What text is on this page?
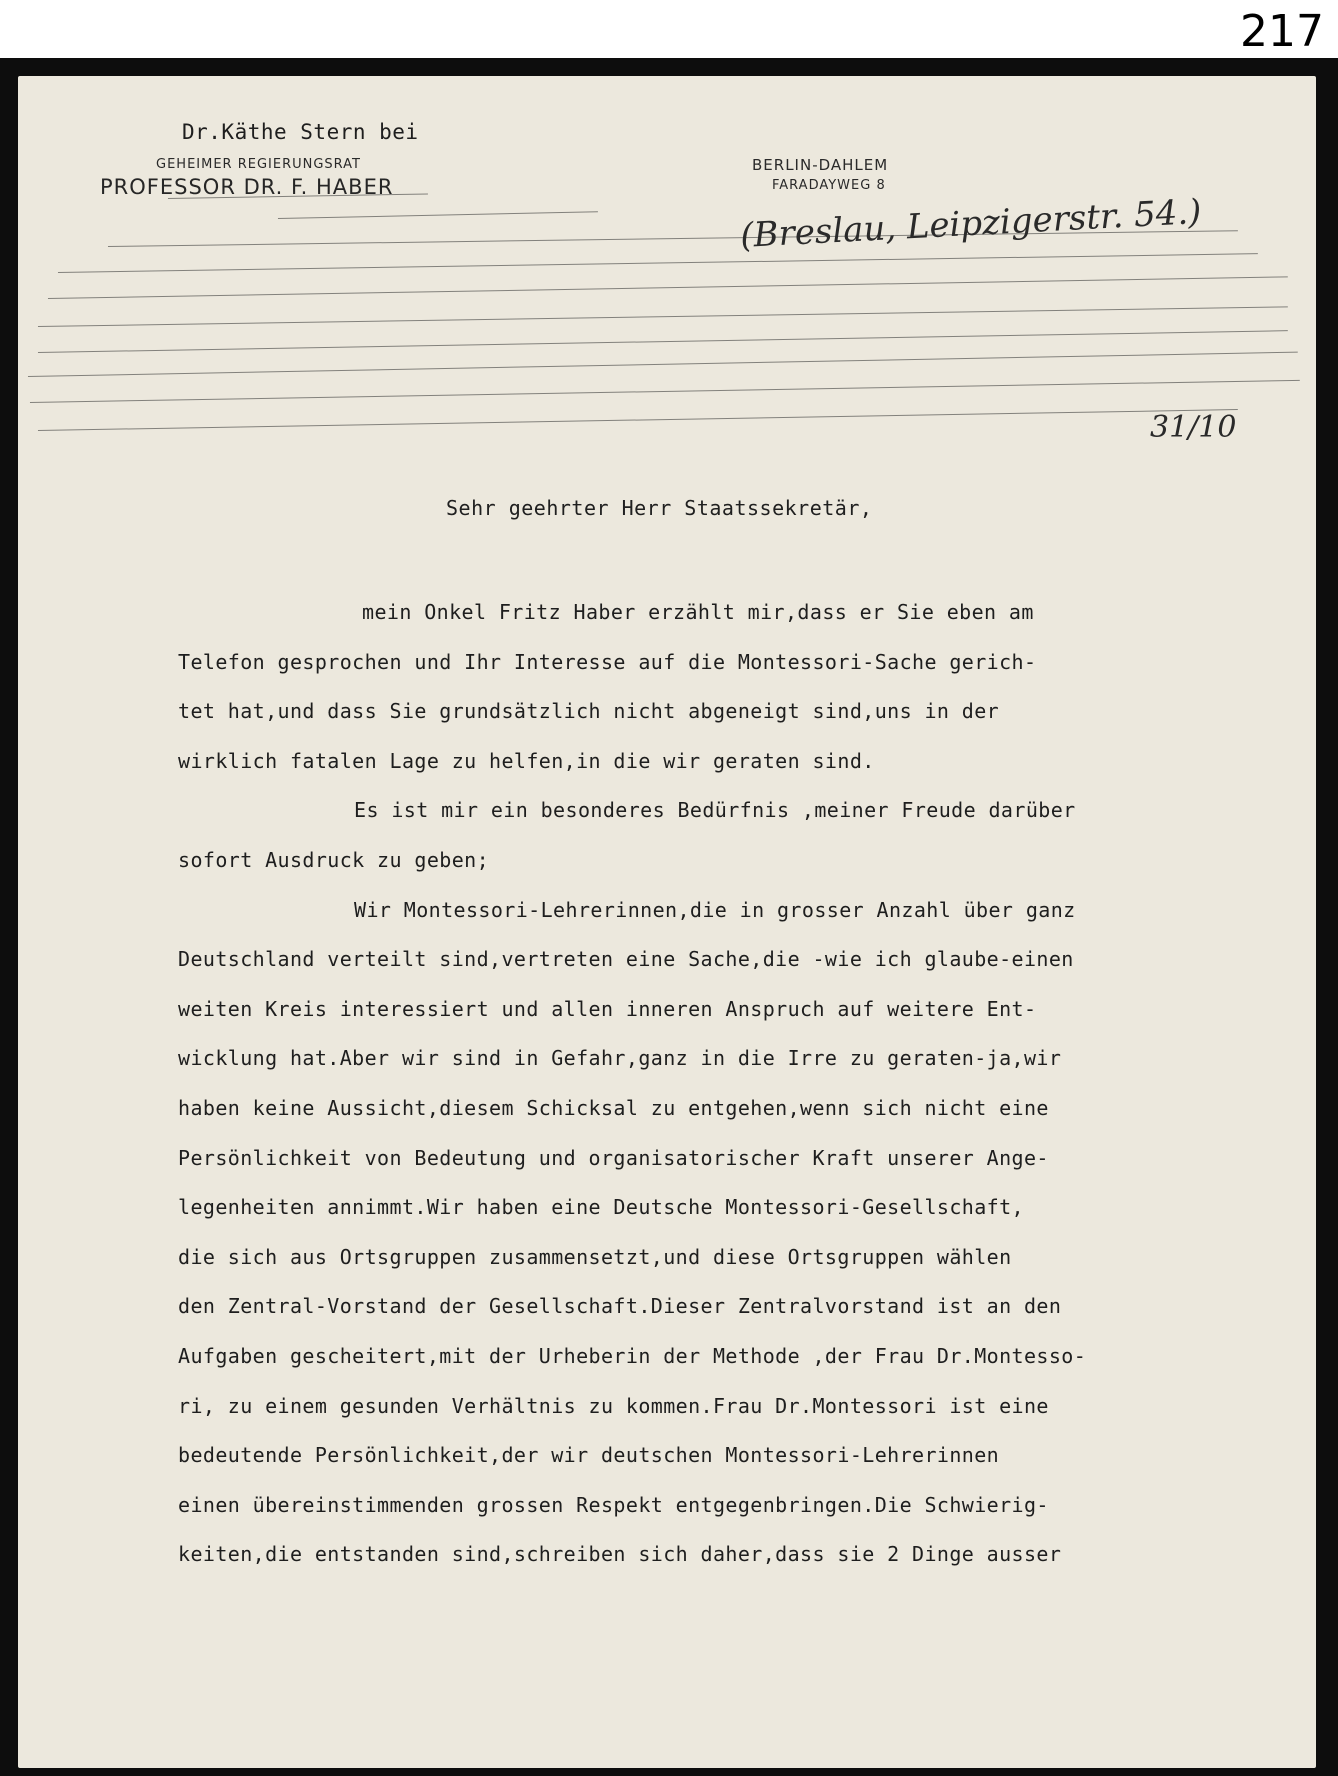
217
Dr.Käthe Stern bei
GEHEIMER REGIERUNGSRAT
PROFESSOR DR. F. HABER
BERLIN-DAHLEM
FARADAYWEG 8
(Breslau, Leipzigerstr. 54.)
31/10
Sehr geehrter Herr Staatssekretär,
mein Onkel Fritz Haber erzählt mir,dass er Sie eben am
Telefon gesprochen und Ihr Interesse auf die Montessori-Sache gerich-
tet hat,und dass Sie grundsätzlich nicht abgeneigt sind,uns in der
wirklich fatalen Lage zu helfen,in die wir geraten sind.
Es ist mir ein besonderes Bedürfnis ,meiner Freude darüber
sofort Ausdruck zu geben;
Wir Montessori-Lehrerinnen,die in grosser Anzahl über ganz
Deutschland verteilt sind,vertreten eine Sache,die -wie ich glaube-einen
weiten Kreis interessiert und allen inneren Anspruch auf weitere Ent-
wicklung hat.Aber wir sind in Gefahr,ganz in die Irre zu geraten-ja,wir
haben keine Aussicht,diesem Schicksal zu entgehen,wenn sich nicht eine
Persönlichkeit von Bedeutung und organisatorischer Kraft unserer Ange-
legenheiten annimmt.Wir haben eine Deutsche Montessori-Gesellschaft,
die sich aus Ortsgruppen zusammensetzt,und diese Ortsgruppen wählen
den Zentral-Vorstand der Gesellschaft.Dieser Zentralvorstand ist an den
Aufgaben gescheitert,mit der Urheberin der Methode ,der Frau Dr.Montesso-
ri, zu einem gesunden Verhältnis zu kommen.Frau Dr.Montessori ist eine
bedeutende Persönlichkeit,der wir deutschen Montessori-Lehrerinnen
einen übereinstimmenden grossen Respekt entgegenbringen.Die Schwierig-
keiten,die entstanden sind,schreiben sich daher,dass sie 2 Dinge ausser
